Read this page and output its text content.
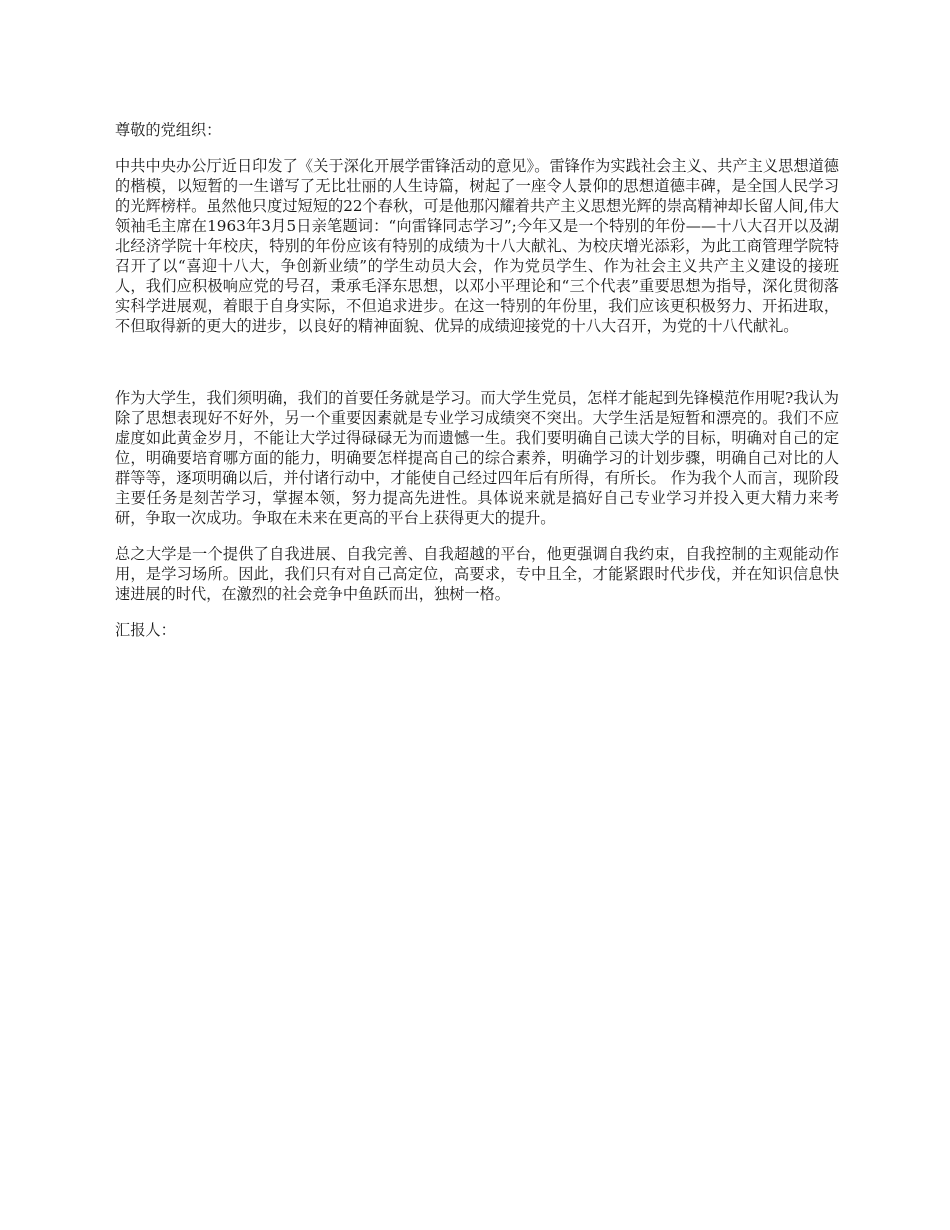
尊敬的党组织：

中共中央办公厅近日印发了《关于深化开展学雷锋活动的意见》。雷锋作为实践社会主义、共产主义思想道德的楷模，以短暂的一生谱写了无比壮丽的人生诗篇，树起了一座令人景仰的思想道德丰碑，是全国人民学习的光辉榜样。虽然他只度过短短的22个春秋，可是他那闪耀着共产主义思想光辉的崇高精神却长留人间,伟大领袖毛主席在1963年3月5日亲笔题词：“向雷锋同志学习”;今年又是一个特别的年份——十八大召开以及湖北经济学院十年校庆，特别的年份应该有特别的成绩为十八大献礼、为校庆增光添彩，为此工商管理学院特召开了以“喜迎十八大，争创新业绩”的学生动员大会，作为党员学生、作为社会主义共产主义建设的接班人，我们应积极响应党的号召，秉承毛泽东思想，以邓小平理论和“三个代表”重要思想为指导，深化贯彻落实科学进展观，着眼于自身实际，不但追求进步。在这一特别的年份里，我们应该更积极努力、开拓进取，不但取得新的更大的进步，以良好的精神面貌、优异的成绩迎接党的十八大召开，为党的十八代献礼。

作为大学生，我们须明确，我们的首要任务就是学习。而大学生党员，怎样才能起到先锋模范作用呢?我认为除了思想表现好不好外，另一个重要因素就是专业学习成绩突不突出。大学生活是短暂和漂亮的。我们不应虚度如此黄金岁月，不能让大学过得碌碌无为而遗憾一生。我们要明确自己读大学的目标，明确对自己的定位，明确要培育哪方面的能力，明确要怎样提高自己的综合素养，明确学习的计划步骤，明确自己对比的人群等等，逐项明确以后，并付诸行动中，才能使自己经过四年后有所得，有所长。 作为我个人而言，现阶段主要任务是刻苦学习，掌握本领，努力提高先进性。具体说来就是搞好自己专业学习并投入更大精力来考研，争取一次成功。争取在未来在更高的平台上获得更大的提升。

总之大学是一个提供了自我进展、自我完善、自我超越的平台，他更强调自我约束，自我控制的主观能动作用，是学习场所。因此，我们只有对自己高定位，高要求，专中且全，才能紧跟时代步伐，并在知识信息快速进展的时代，在激烈的社会竞争中鱼跃而出，独树一格。

汇报人：
